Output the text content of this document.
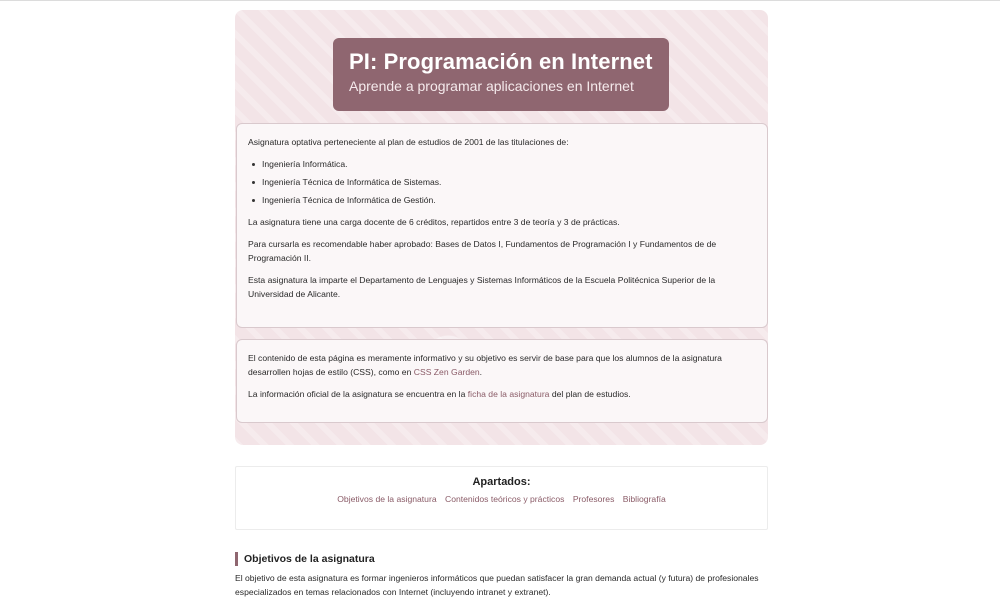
PI: Programación en Internet

Aprende a programar aplicaciones en Internet

Asignatura optativa perteneciente al plan de estudios de 2001 de las titulaciones de:

Ingeniería Informática.
Ingeniería Técnica de Informática de Sistemas.
Ingeniería Técnica de Informática de Gestión.

La asignatura tiene una carga docente de 6 créditos, repartidos entre 3 de teoría y 3 de prácticas.

Para cursarla es recomendable haber aprobado: Bases de Datos I, Fundamentos de Programación I y Fundamentos de de Programación II.

Esta asignatura la imparte el Departamento de Lenguajes y Sistemas Informáticos de la Escuela Politécnica Superior de la Universidad de Alicante.

El contenido de esta página es meramente informativo y su objetivo es servir de base para que los alumnos de la asignatura desarrollen hojas de estilo (CSS), como en CSS Zen Garden.

La información oficial de la asignatura se encuentra en la ficha de la asignatura del plan de estudios.

Apartados:
Objetivos de la asignatura Contenidos teóricos y prácticos Profesores Bibliografía
Objetivos de la asignatura

El objetivo de esta asignatura es formar ingenieros informáticos que puedan satisfacer la gran demanda actual (y futura) de profesionales especializados en temas relacionados con Internet (incluyendo intranet y extranet).
